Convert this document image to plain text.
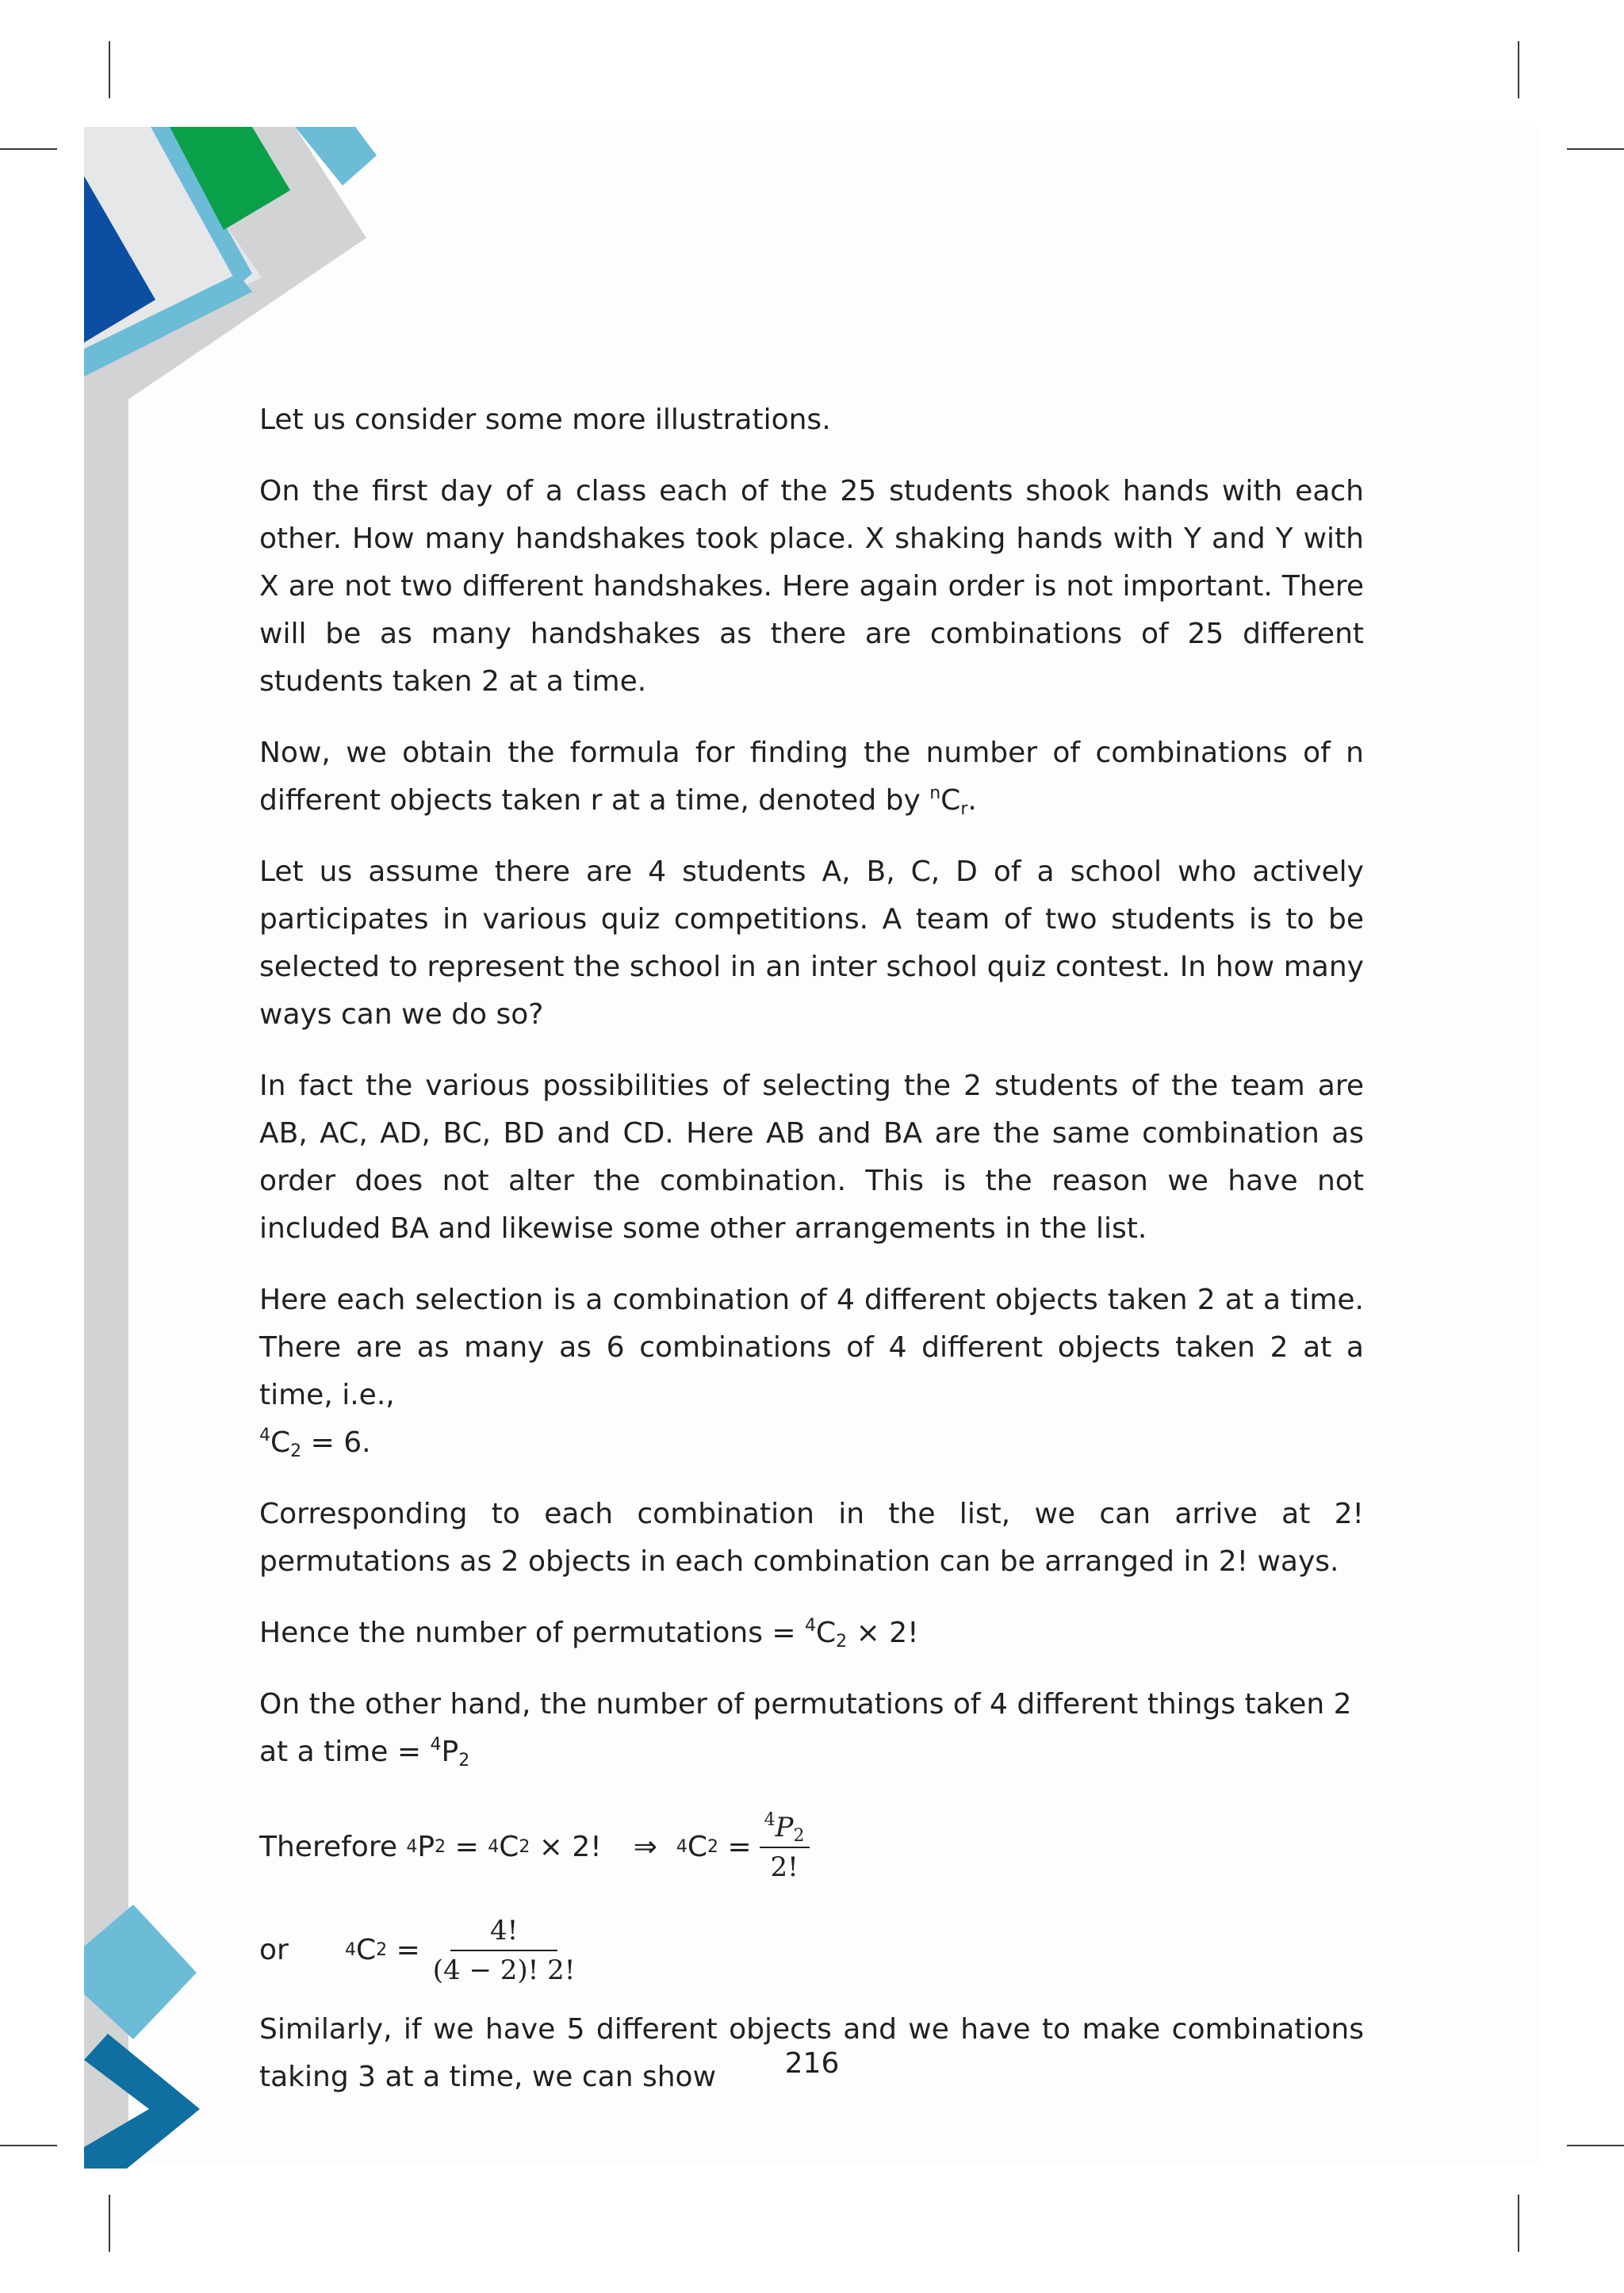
Let us consider some more illustrations.

On the first day of a class each of the 25 students shook hands with each other. How many handshakes took place. X shaking hands with Y and Y with X are not two different handshakes. Here again order is not important. There will be as many handshakes as there are combinations of 25 different students taken 2 at a time.

Now, we obtain the formula for finding the number of combinations of n different objects taken r at a time, denoted by $^nC_r$.

Let us assume there are 4 students A, B, C, D of a school who actively participates in various quiz competitions. A team of two students is to be selected to represent the school in an inter school quiz contest. In how many ways can we do so?

In fact the various possibilities of selecting the 2 students of the team are AB, AC, AD, BC, BD and CD. Here AB and BA are the same combination as order does not alter the combination. This is the reason we have not included BA and likewise some other arrangements in the list.

Here each selection is a combination of 4 different objects taken 2 at a time. There are as many as 6 combinations of 4 different objects taken 2 at a time, i.e.,
$^4C_2 = 6$.

Corresponding to each combination in the list, we can arrive at 2! permutations as 2 objects in each combination can be arranged in 2! ways.

Hence the number of permutations = $^4C_2 \times 2$!

On the other hand, the number of permutations of 4 different things taken 2 at a time = $^4P_2$

Therefore 4 P 2 = 4 C 2 × 2! ⇒ 4 C $2 = \frac{^4P_2}{2!}$
or	4 C $2 = \frac{4!}{(4 - 2)! 2!}$

Similarly, if we have 5 different objects and we have to make combinations taking 3 at a time, we can show	216
